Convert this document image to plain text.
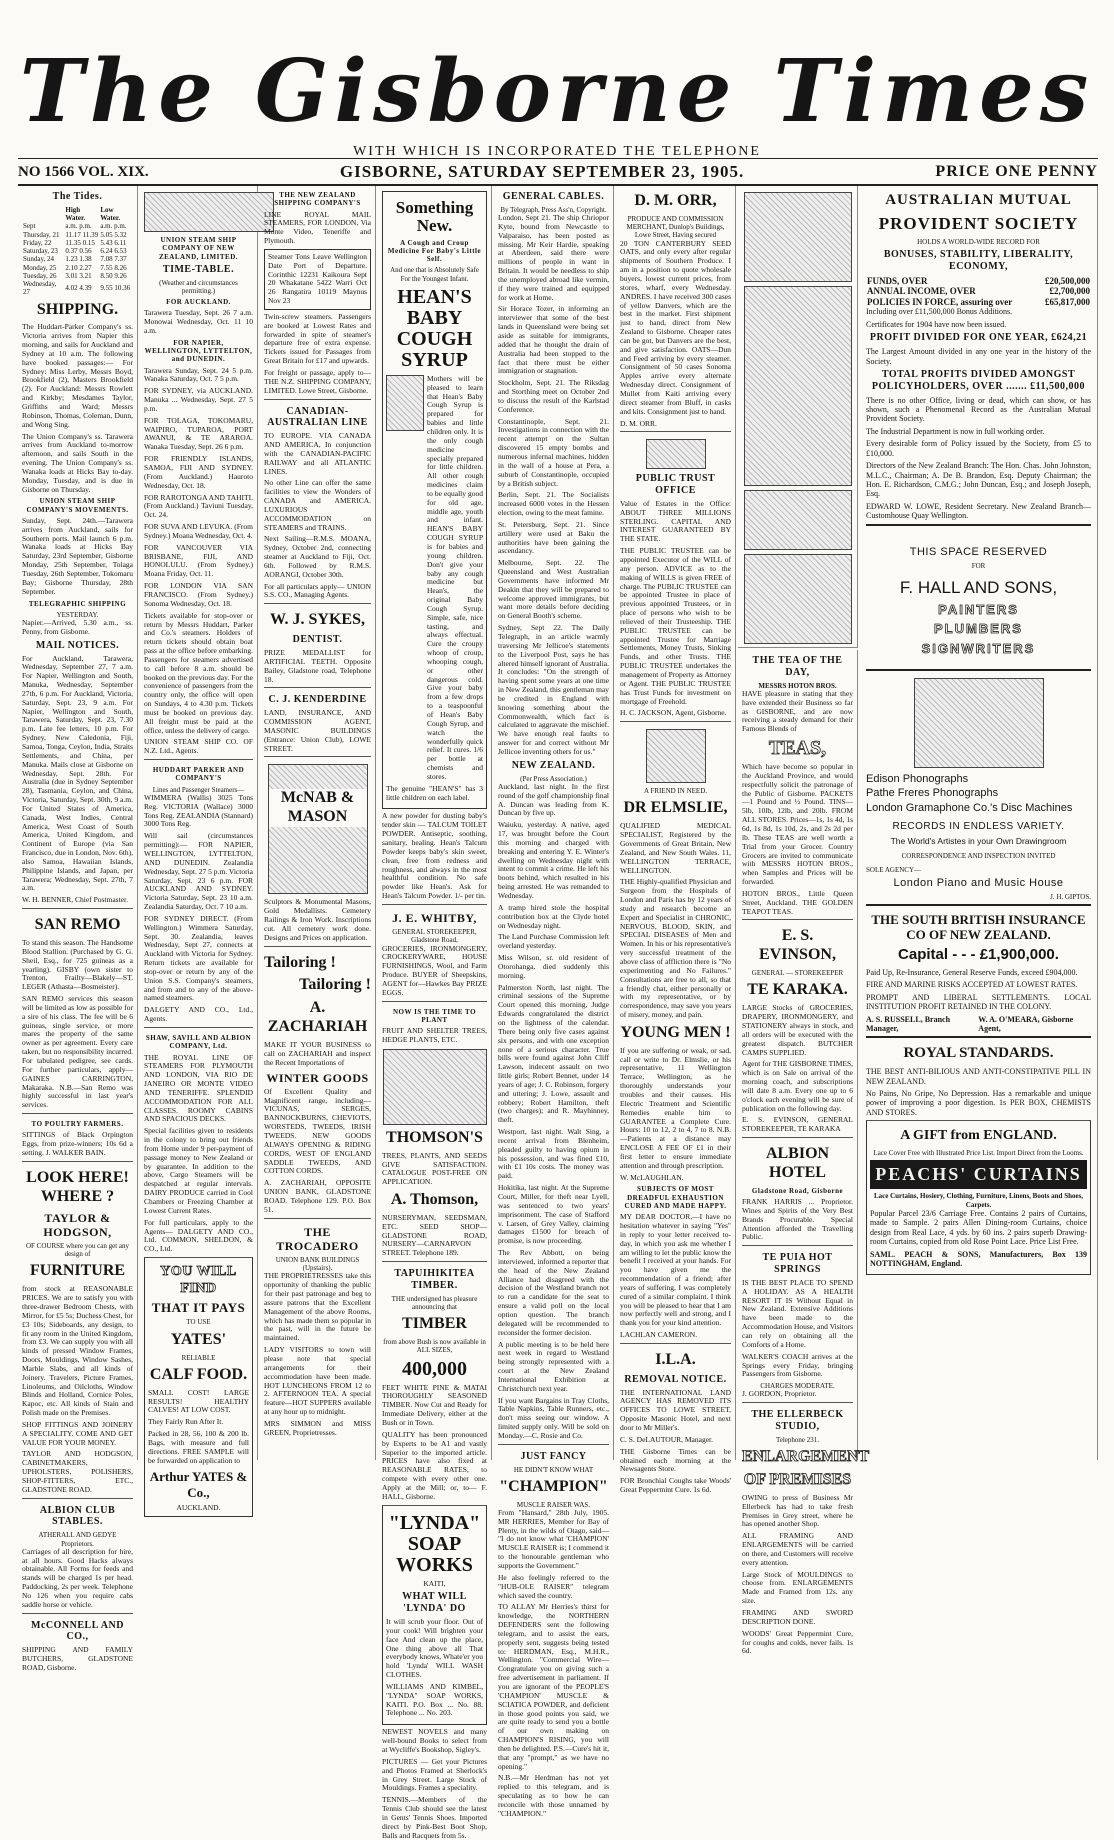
The Gisborne Times
WITH WHICH IS INCORPORATED THE TELEPHONE
NO 1566 VOL. XIX.	GISBORNE, SATURDAY SEPTEMBER 23, 1905.	PRICE ONE PENNY
The Tides.
	High Water.	Low Water.
Sept	a.m. p.m.	a.m. p.m.
Thursday, 21	11.17 11.39	5.05 5.32
Friday, 22	11.35 0.15	5.43 6.11
Saturday, 23	0.37 0.56	6.24 6.53
Sunday, 24	1.23 1.38	7.08 7.37
Monday, 25	2.10 2.27	7.55 8.26
Tuesday, 26	3.01 3.21	8.50 9.26
Wednesday, 27	4.02 4.39	9.55 10.36
SHIPPING.

The Huddart-Parker Company's ss. Victoria arrives from Napier this morning, and sails for Auckland and Sydney at 10 a.m. The following have booked passages:— For Sydney: Miss Lerby, Messrs Boyd, Brookfield (2), Masters Brookfield (2). For Auckland: Messrs Rowlett and Kirkby; Mesdames Taylor, Griffiths and Ward; Messrs Robinson, Thomas, Coleman, Dunn, and Wong Sing.

The Union Company's ss. Tarawera arrives from Auckland to-morrow afternoon, and sails South in the evening. The Union Company's ss. Wanaka loads at Hicks Bay to-day. Monday, Tuesday, and is due in Gisborne on Thursday.

UNION STEAM SHIP COMPANY'S MOVEMENTS.

Sunday, Sept. 24th.—Tarawera arrives from Auckland, sails for Southern ports. Mail launch 6 p.m. Wanaka loads at Hicks Bay Saturday, 23rd September, Gisborne Monday, 25th September, Tolaga Tuesday, 26th September, Tokomaru Bay; Gisborne Thursday, 28th September.

TELEGRAPHIC SHIPPING
YESTERDAY.

Napier.—Arrived, 5.30 a.m., ss. Penny, from Gisborne.

MAIL NOTICES.

For Auckland, Tarawera, Wednesday, September 27, 7 a.m. For Napier, Wellington and South, Manuka, Wednesday, September 27th, 6 p.m. For Auckland, Victoria, Saturday, Sept. 23, 9 a.m. For Napier, Wellington and South, Tarawera, Saturday, Sept. 23, 7.30 p.m. Late fee letters, 10 p.m. For Sydney, New Caledonia, Fiji, Samoa, Tonga, Ceylon, India, Straits Settlements, and China, per Manuka. Mails close at Gisborne on Wednesday, Sept. 28th. For Australia (due in Sydney September 28), Tasmania, Ceylon, and China, Victoria, Saturday, Sept. 30th, 9 a.m. For United States of America, Canada, West Indies, Central America, West Coast of South America, United Kingdom, and Continent of Europe (via San Francisco, due in London, Nov. 6th), also Samoa, Hawaiian Islands, Philippine Islands, and Japan, per Tarawera; Wednesday, Sept. 27th, 7 a.m.

W. H. BENNER, Chief Postmaster.

SAN REMO

To stand this season. The Handsome Blood Stallion. (Purchased by G. G. Sheil, Esq., for 725 guineas as a yearling). GISBY (own sister to Trenton, Frailty—Blakely—ST. LEGER (Athasta—Bosmeister).

SAN REMO services this season will be limited as low as possible for a sire of his class. The fee will be 6 guineas, single service, or more mares the property of the same owner as per agreement. Every care taken, but no responsibility incurred. For tabulated pedigree, see cards. For further particulars, apply— GAINES CARRINGTON, Makaraka. N.B.—San Remo was highly successful in last year's services.

TO POULTRY FARMERS.

SITTINGS of Black Orpington Eggs, from prize-winners; 10s 6d a setting. J. WALKER BAIN.

LOOK HERE! WHERE ?
TAYLOR & HODGSON,
OF COURSE where you can get any design of
FURNITURE

from stock at REASONABLE PRICES. We are to satisfy you with three-drawer Bedroom Chests, with Mirror, for £5 5s; Duchess Chest, for £3 10s; Sideboards, any design, to fit any room in the United Kingdom, from £3. We can supply you with all kinds of pressed Window Frames, Doors, Mouldings, Window Sashes, Marble Slabs, and all kinds of Joinery. Travelers, Picture Frames, Linoleums, and Oilcloths, Window Blinds and Holland, Cornice Poles, Kapoc, etc. All kinds of Stain and Polish made on the Premises.

SHOP FITTINGS AND JOINERY A SPECIALITY. COME AND GET VALUE FOR YOUR MONEY.

TAYLOR AND HODGSON, CABINETMAKERS, UPHOLSTERS, POLISHERS, SHOP-FITTERS, ETC., GLADSTONE ROAD.

ALBION CLUB STABLES.
ATHERALL AND GEDYE Proprietors.

Carriages of all description for hire, at all hours. Good Hacks always obtainable. All Forms for feeds and stands will be charged 1s per head. Paddocking, 2s per week. Telephone No 126 when you require cabs saddle horse or vehicle.

McCONNELL AND CO.,

SHIPPING AND FAMILY BUTCHERS, GLADSTONE ROAD, Gisborne.

UNION STEAM SHIP COMPANY OF NEW ZEALAND, LIMITED.
TIME-TABLE.
(Weather and circumstances permitting.)
FOR AUCKLAND.

Tarawera Tuesday, Sept. 26 7 a.m. Monowai Wednesday, Oct. 11 10 a.m.

FOR NAPIER, WELLINGTON, LYTTELTON, and DUNEDIN.

Tarawera Sunday, Sept. 24 5 p.m. Wanaka Saturday, Oct. 7 5 p.m.

FOR SYDNEY, via AUCKLAND. Manuka ... Wednesday, Sept. 27 5 p.m.

FOR TOLAGA, TOKOMARU, WAIPIRO, TUPAROA, PORT AWANUI, & TE ARAROA. Wanaka Tuesday, Sept. 26 6 p.m.

FOR FRIENDLY ISLANDS, SAMOA, FIJI AND SYDNEY. (From Auckland.) Hauroto Wednesday, Oct. 18.

FOR RAROTONGA AND TAHITI. (From Auckland.) Taviuni Tuesday, Oct. 24.

FOR SUVA AND LEVUKA. (From Sydney.) Moana Wednesday, Oct. 4.

FOR VANCOUVER VIA BRISBANE, FIJI, AND HONOLULU. (From Sydney.) Moana Friday, Oct. 11.

FOR LONDON VIA SAN FRANCISCO. (From Sydney.) Sonoma Wednesday, Oct. 18.

Tickets available for stop-over or return by Messrs Huddart, Parker and Co.'s steamers. Holders of return tickets should obtain boat pass at the office before embarking. Passengers for steamers advertised to call before 8 a.m. should be booked on the previous day. For the convenience of passengers from the country only, the office will open on Sundays, 4 to 4.30 p.m. Tickets must be booked on previous day. All freight must be paid at the office, unless the delivery of cargo.

UNION STEAM SHIP CO. OF N.Z. Ltd., Agents.

HUDDART PARKER AND COMPANY'S
Lines and Passenger Steamers—

WIMMERA (Wallis) 3025 Tons Reg. VICTORIA (Wallace) 3000 Tons Reg. ZEALANDIA (Stannard) 3000 Tons Reg.

Will sail (circumstances permitting):— FOR NAPIER, WELLINGTON, LYTTELTON, AND DUNEDIN. Zealandia Wednesday, Sept. 27 5 p.m. Victoria Saturday, Sept. 23 6 p.m. FOR AUCKLAND AND SYDNEY. Victoria Saturday, Sept. 23 10 a.m. Zealandia Saturday, Oct. 7 10 a.m.

FOR SYDNEY DIRECT. (From Wellington.) Wimmera Saturday, Sept. 30. Zealandia, leaves Wednesday, Sept 27, connects at Auckland with Victoria for Sydney. Return tickets are available for stop-over or return by any of the Union S.S. Company's steamers, and from and to any of the above-named steamers.

DALGETY AND CO., Ltd., Agents.

SHAW, SAVILL AND ALBION COMPANY, Ltd.

THE ROYAL LINE OF STEAMERS FOR PLYMOUTH AND LONDON, VIA RIO DE JANEIRO OR MONTE VIDEO AND TENERIFFE. SPLENDID ACCOMMODATION FOR ALL CLASSES. ROOMY CABINS AND SPACIOUS DECKS.

Special facilities given to residents in the colony to bring out friends from Home under 9 per-payment of passage money to New Zealand or by guarantee. In addition to the above, Cargo Steamers will be despatched at regular intervals. DAIRY PRODUCE carried in Cool Chambers or Freezing Chamber at Lowest Current Rates.

For full particulars, apply to the Agents— DALGETY AND CO., Ltd. COMMON, SHELDON, & CO., Ltd.

YOU WILL FIND
THAT IT PAYS
TO USE
YATES'
RELIABLE
CALF FOOD.

SMALL COST! LARGE RESULTS! HEALTHY CALVES! AT LOW COST.

They Fairly Run After It.

Packed in 28, 56, 100 & 200 lb. Bags, with measure and full directions. FREE SAMPLE will be forwarded on application to

Arthur YATES & Co.,
AUCKLAND.
THE NEW ZEALAND SHIPPING COMPANY'S

LINE ROYAL MAIL STEAMERS, FOR LONDON, Via Monte Video, Teneriffe and Plymouth.

Steamer Tons Leave Wellington Date Port of Departure. Corinthic 12231 Kaikoura Sept 20 Whakatane 5422 Warri Oct 26 Rangatira 10119 Maynus Nov 23

Twin-screw steamers. Passengers are booked at Lowest Rates and forwarded in spite of steamer's departure free of extra expense. Tickets issued for Passages from Great Britain for £17 and upwards.

For freight or passage, apply to— THE N.Z. SHIPPING COMPANY, LIMITED. Lowe Street, Gisborne.

CANADIAN-AUSTRALIAN LINE

TO EUROPE. VIA CANADA AND AMERICA, In conjunction with the CANADIAN-PACIFIC RAILWAY and all ATLANTIC LINES.

No other Line can offer the same facilities to view the Wonders of CANADA and AMERICA. LUXURIOUS ACCOMMODATION on STEAMERS and TRAINS.

Next Sailing—R.M.S. MOANA, Sydney, October 2nd, connecting steamer at Auckland to Fiji, Oct. 6th. Followed by R.M.S. AORANGI, October 30th.

For all particulars apply— UNION S.S. CO., Managing Agents.

W. J. SYKES,
DENTIST.

PRIZE MEDALLIST for ARTIFICIAL TEETH. Opposite Bailey, Gladstone road, Telephone 18.

C. J. KENDERDINE

LAND, INSURANCE, AND COMMISSION AGENT, MASONIC BUILDINGS (Entrance: Union Club), LOWE STREET.

McNAB & MASON

Sculptors & Monumental Masons, Gold Medallists. Cemetery Railings & Iron Work. Inscriptions cut. All cemetery work done. Designs and Prices on application.

Tailoring !
Tailoring !
A. ZACHARIAH

MAKE IT YOUR BUSINESS to call on ZACHARIAH and inspect the Recent Importations of

WINTER GOODS

Of Excellent Quality and Magnificent range, including— VICUNAS, SERGES, BANNOCKBURNS, CHEVIOTS, WORSTEDS, TWEEDS, IRISH TWEEDS. NEW GOODS ALWAYS OPENING & RIDING CORDS, WEST OF ENGLAND SADDLE TWEEDS, AND COTTON CORDS.

A. ZACHARIAH, OPPOSITE UNION BANK, GLADSTONE ROAD. Telephone 129. P.O. Box 51.

THE TROCADERO
UNION BANK BUILDINGS (Upstairs).

THE PROPRIETRESSES take this opportunity of thanking the public for their past patronage and beg to assure patrons that the Excellent Management of the above Rooms, which has made them so popular in the past, will in the future be maintained.

LADY VISITORS to town will please note that special arrangements for their accommodation have been made. HOT LUNCHEONS FROM 12 to 2. AFTERNOON TEA. A special feature—HOT SUPPERS available at any hour up to midnight.

MRS SIMMON and MISS GREEN, Proprietresses.

Something New.
A Cough and Croup Medicine For Baby's Little Self.
And one that is Absolutely Safe For the Youngest Infant.
HEAN'S BABY COUGH SYRUP

Mothers will be pleased to learn that Hean's Baby Cough Syrup is prepared for babies and little children only. It is the only cough medicine specially prepared for little children. All other cough medicines claim to be equally good for old age, middle age, youth and infant. HEAN'S BABY COUGH SYRUP is for babies and young children. Don't give your baby any cough medicine but Hean's, the original Baby Cough Syrup. Simple, safe, nice tasting, and always effectual. Cure the croupy whoop of croup, whooping cough, or other dangerous cold. Give your baby from a few drops to a teaspoonful of Hean's Baby Cough Syrup, and watch the wonderfully quick relief. It cures. 1/6 per bottle at chemists and stores.

The genuine "HEAN'S" has 3 little children on each label.

A new powder for dusting baby's tender skin — TALCUM TOILET POWDER. Antiseptic, soothing, sanitary, healing. Hean's Talcum Powder keeps baby's skin sweet, clean, free from redness and roughness, and always in the most healthful condition. No safe powder like Hean's. Ask for Hean's Talcum Powder. 1/- per tin.

J. E. WHITBY,
GENERAL STOREKEEPER, Gladstone Road,

GROCERIES, IRONMONGERY, CROCKERYWARE, HOUSE FURNISHINGS, Wool, and Farm Produce. BUYER of Sheepskins, AGENT for—Hawkes Bay PRIZE EGGS.

NOW IS THE TIME TO PLANT

FRUIT AND SHELTER TREES, HEDGE PLANTS, ETC.

THOMSON'S

TREES, PLANTS, AND SEEDS GIVE SATISFACTION. CATALOGUE POST-FREE ON APPLICATION.

A. Thomson,

NURSERYMAN, SEEDSMAN, ETC. SEED SHOP—GLADSTONE ROAD, NURSERY—CARNARVON STREET. Telephone 189.

TAPUIHIKITEA TIMBER.
THE undersigned has pleasure announcing that
TIMBER
from above Bush is now available in ALL SIZES,
400,000

FEET WHITE PINE & MATAI THOROUGHLY SEASONED TIMBER. Now Cut and Ready for Immediate Delivery, either at the Bush or in Town.

QUALITY has been pronounced by Experts to be A1 and vastly Superior to the imported article. PRICES have also fixed at REASONABLE RATES, to compete with every other one. Apply at the Mill; or, to— F. HALL, Gisborne.

"LYNDA" SOAP WORKS
KAITI,
WHAT WILL 'LYNDA' DO

It will scrub your floor. Out of your cook! Will brighten your face And clean up the place, One thing above all That everybody knows, Whate'er you hold 'Lynda' WILL WASH CLOTHES.

WILLIAMS AND KIMBEL, "LYNDA" SOAP WORKS, KAITI. P.O. Box ... No. 88. Telephone ... No. 203.

NEWEST NOVELS and many well-bound Books to select from at Wycliffe's Bookshop, Sigley's.

PICTURES — Get your Pictures and Photos Framed at Sherlock's in Grey Street. Large Stock of Mouldings. Frames a speciality.

TENNIS.—Members of the Tennis Club should see the latest in Gents' Tennis Shoes. Imported direct by Pink-Best Boot Shop, Balls and Racquets from 5s.

GENERAL CABLES.
By Telegraph, Press Ass'n, Copyright.

London, Sept 21. The ship Chriopor Kyte, bound from Newcastle to Valparaiso, has been posted as missing. Mr Keir Hardie, speaking at Aberdeen, said there were millions of people in want in Britain. It would be needless to ship the unemployed abroad like vermin, if they were trained and equipped for work at Home.

Sir Horace Tozer, in informing an interviewer that some of the best lands in Queensland were being set aside as suitable for immigrants, added that he thought the drain of Australia had been stopped to the fact that there must be either immigration or stagnation.

Stockholm, Sept. 21. The Riksdag and Storthing meet on October 2nd to discuss the result of the Karlstad Conference.

Constantinople, Sept. 21. Investigations in connection with the recent attempt on the Sultan discovered 15 empty bombs and numerous infernal machines, hidden in the wall of a house at Pera, a suburb of Constantinople, occupied by a British subject.

Berlin, Sept. 21. The Socialists increased 6000 votes in the Hessen election, owing to the meat famine.

St. Petersburg, Sept. 21. Since artillery were used at Baku the authorities have been gaining the ascendancy.

Melbourne, Sept. 22. The Queensland and West Australian Governments have informed Mr Deakin that they will be prepared to welcome approved immigrants, but want more details before deciding on General Booth's scheme.

Sydney, Sept 22. The Daily Telegraph, in an article warmly traversing Mr Jellicoe's statements to the Liverpool Post, says he has altered himself ignorant of Australia. It concludes: "On the strength of having spent some years at one time in New Zealand, this gentleman may be credited in England with knowing something about the Commonwealth, which fact is calculated to aggravate the mischief. We have enough real faults to answer for and correct without Mr Jellicoe inventing others for us."

NEW ZEALAND.
(Per Press Association.)

Auckland, last night. In the first round of the golf championship final A. Duncan was leading from K. Duncan by five up.

Waiuku, yesterday. A native, aged 17, was brought before the Court this morning and charged with breaking and entering Y. E. Winter's dwelling on Wednesday night with intent to commit a crime. He left his boots behind, which resulted in his being arrested. He was remanded to Wednesday.

A tramp hired stole the hospital contribution box at the Clyde hotel on Wednesday night.

The Land Purchase Commission left overland yesterday.

Miss Wilson, sr. old resident of Otorohanga, died suddenly this morning.

Palmerston North, last night. The criminal sessions of the Supreme Court opened this morning, Judge Edwards congratulated the district on the lightness of the calendar. There being only five cases against six persons, and with one exception none of a serious character. True bills were found against John Cliff Lawson, indecent assault on two little girls; Robert Bennet, under 14 years of age; J. C. Robinson, forgery and uttering; J. Lowe, assault and robbery; Robert Hamilton, theft (two charges); and R. Mayhinney, theft.

Westport, last night. Walt Sing, a recent arrival from Blenheim, pleaded guilty to having opium in his possession, and was fined £10, with £1 10s costs. The money was paid.

Hokitika, last night. At the Supreme Court, Miller, for theft near Lyell, was sentenced to two years' imprisonment. The case of Stafford v. Larsen, of Grey Valley, claiming damages £1500 for breach of promise, is now proceeding.

The Rev Abbott, on being interviewed, informed a reporter that the head of the New Zealand Alliance had disagreed with the decision of the Westland branch not to run a candidate for the seat to ensure a valid poll on the local option question. The branch delegated will be recommended to reconsider the former decision.

A public meeting is to be held here next week in regard to Westland being strongly represented with a court at the New Zealand International Exhibition at Christchurch next year.

If you want Bargains in Tray Cloths, Table Napkins, Table Runners, etc., don't miss seeing our window. A limited supply only. Will be sold on Monday.—C. Rosie and Co.

JUST FANCY
HE DIDN'T KNOW WHAT
"CHAMPION"
MUSCLE RAISER WAS.

From "Hansard," 28th July, 1905. MR HERRIES, Member for Bay of Plenty, in the wilds of Otago, said— "I do not know what 'CHAMPION' MUSCLE RAISER is; I commend it to the honourable gentleman who supports the Government."

He also feelingly referred to the "HUB-OLE RAISER" telegram which saved the country.

TO ALLAY Mr Herries's thirst for knowledge, the NORTHERN DEFENDERS sent the following telegram, and to assist the ears, properly sent, suggests being tested to: HERDMAN, Esq., M.H.R., Wellington. "Commercial Wire—Congratulate you on giving such a free advertisement in parliament. If you are ignorant of the PEOPLE'S 'CHAMPION' MUSCLE & SCIATICA POWDER, and deficient in those good points you said, we are quite ready to send you a bottle of our own making on CHAMPION'S RISING, you will then be delighted. P.S.—Cure's hit it, that any "prompt," as we have no opening."

N.B.—Mr Herdman has not yet replied to this telegram, and is speculating as to how he can reconcile with those unnamed by "CHAMPION."

D. M. ORR,
PRODUCE AND COMMISSION MERCHANT, Dunlop's Buildings, Lowe Street, Having secured

20 TON CANTERBURY SEED OATS, and only every after regular shipments of Southern Produce. I am in a position to quote wholesale buyers, lowest current prices, from stores, wharf, every Wednesday. ANDRES. I have received 300 cases of yellow Danvers, which are the best in the market. First shipment just to hand, direct from New Zealand to Gisborne. Cheaper rates can be got, but Danvers are the best, and give satisfaction. OATS—Dun and Feed arriving by every steamer. Consignment of 50 cases Sonoma Apples arrive every alternate Wednesday direct. Consignment of Mullet from Kaiti arriving every direct steamer from Bluff, in casks and kits. Consignment just to hand.

D. M. ORR.

PUBLIC TRUST OFFICE

Value of Estates in the Office: ABOUT THREE MILLIONS STERLING. CAPITAL AND INTEREST GUARANTEED BY THE STATE.

THE PUBLIC TRUSTEE can be appointed Executor of the WILL of any person. ADVICE as to the making of WILLS is given FREE of charge. The PUBLIC TRUSTEE can be appointed Trustee in place of previous appointed Trustees, or in place of persons who wish to be relieved of their Trusteeship. THE PUBLIC TRUSTEE can be appointed Trustee for Marriage Settlements, Money Trusts, Sinking Funds, and other Trusts. THE PUBLIC TRUSTEE undertakes the management of Property as Attorney or Agent. THE PUBLIC TRUSTEE has Trust Funds for investment on mortgage of Freehold.

H. C. JACKSON, Agent, Gisborne.

A FRIEND IN NEED.
DR ELMSLIE,

QUALIFIED MEDICAL SPECIALIST, Registered by the Governments of Great Britain, New Zealand, and New South Wales. 11, WELLINGTON TERRACE, WELLINGTON.

THE Highly-qualified Physician and Surgeon from the Hospitals of London and Paris has by 12 years of study and research become an Expert and Specialist in CHRONIC, NERVOUS, BLOOD, SKIN, and SPECIAL DISEASES of Men and Women. In his or his representative's very successful treatment of the above class of affliction there is "No experimenting and No Failures." Consultations are free to all, so that a friendly chat, either personally or with my representative, or by correspondence, may save you years of misery, money, and pain.

YOUNG MEN !

If you are suffering or weak, or sad, call or write to Dr. Elmslie, or his representative, 11 Wellington Terrace, Wellington, as he thoroughly understands your troubles and their causes. His Electric Treatment and Scientific Remedies enable him to GUARANTEE a Complete Cure. Hours: 10 to 12, 2 to 4, 7 to 8. N.B.—Patients at a distance may ENCLOSE A FEE OF £1 in their first letter to ensure immediate attention and through prescription.

W. McLAUGHLAN.

SUBJECTS OF MOST DREADFUL EXHAUSTION CURED AND MADE HAPPY.

MY DEAR DOCTOR,—I have no hesitation whatever in saying "Yes" in reply to your letter received to-day, in which you ask me whether I am willing to let the public know the benefit I received at your hands. For you have given me the recommendation of a friend; after years of suffering, I was completely cured of a similar complaint. I think you will be pleased to hear that I am now perfectly well and strong, and I thank you for your kind attention.

LACHLAN CAMERON.

I.L.A.
REMOVAL NOTICE.

THE INTERNATIONAL LAND AGENCY HAS REMOVED ITS OFFICES TO LOWE STREET, Opposite Masonic Hotel, and next door to Mr Miller's.

C. S. DeLAUTOUR, Manager.

THE Gisborne Times can be obtained each morning at the Newsagents Store.

FOR Bronchial Coughs take Woods' Great Peppermint Cure. 1s 6d.

THE TEA OF THE DAY,
MESSRS HOTON BROS.

HAVE pleasure in stating that they have extended their Business so far as GISBORNE, and are now receiving a steady demand for their Famous Blends of

TEAS,

Which have become so popular in the Auckland Province, and would respectfully solicit the patronage of the Public of Gisborne. PACKETS—1 Pound and ½ Pound. TINS—5lb, 10lb, 12lb, and 20lb. FROM ALL STORES. Prices—1s, 1s 4d, 1s 6d, 1s 8d, 1s 10d, 2s, and 2s 2d per lb. These TEAS are well worth a Trial from your Grocer. Country Grocers are invited to communicate with MESSRS HOTON BROS., when Samples and Prices will be forwarded.

HOTON BROS., Little Queen Street, Auckland. THE GOLDEN TEAPOT TEAS.

E. S. EVINSON,
GENERAL — STOREKEEPER
TE KARAKA.

LARGE Stocks of GROCERIES, DRAPERY, IRONMONGERY, and STATIONERY always in stock, and all orders will be executed with the greatest dispatch. BUTCHER CAMPS SUPPLIED.

Agent for THE GISBORNE TIMES, which is on Sale on arrival of the morning coach, and subscriptions will date 8 a.m. Every one up to 6 o'clock each evening will be sure of publication on the following day.

E. S. EVINSON, GENERAL STOREKEEPER, TE KARAKA

ALBION HOTEL
Gladstone Road, Gisborne

FRANK HARRIS ... Proprietor. Wines and Spirits of the Very Best Brands Procurable. Special Attention afforded the Travelling Public.

TE PUIA HOT SPRINGS

IS THE BEST PLACE TO SPEND A HOLIDAY. AS A HEALTH RESORT IT IS Without Equal in New Zealand. Extensive Additions have been made to the Accommodation House, and Visitors can rely on obtaining all the Comforts of a Home.

WALKER'S COACH arrives at the Springs every Friday, bringing Passengers from Gisborne.

CHARGES MODERATE.

J. GORDON, Proprietor.

THE ELLERBECK STUDIO,
Telephone 231.
ENLARGEMENT
OF PREMISES

OWING to press of Business Mr Ellerbeck has had to take fresh Premises in Grey street, where he has opened another Shop.

ALL FRAMING AND ENLARGEMENTS will be carried on there, and Customers will receive every attention.

Large Stock of MOULDINGS to choose from. ENLARGEMENTS Made and Framed from 12s. any size.

FRAMING AND SWORD DESCRIPTION DONE.

WOODS' Great Peppermint Cure, for coughs and colds, never fails. 1s 6d.

AUSTRALIAN MUTUAL
PROVIDENT SOCIETY
HOLDS A WORLD-WIDE RECORD FOR
BONUSES, STABILITY, LIBERALITY, ECONOMY,
FUNDS, OVER	£20,500,000
ANNUAL INCOME, OVER	£2,700,000
POLICIES IN FORCE, assuring over	£65,817,000

Including over £11,500,000 Bonus Additions.

Certificates for 1904 have now been issued.

PROFIT DIVIDED FOR ONE YEAR, £624,21

The Largest Amount divided in any one year in the history of the Society.

TOTAL PROFITS DIVIDED AMONGST POLICYHOLDERS, OVER ....... £11,500,000

There is no other Office, living or dead, which can show, or has shown, such a Phenomenal Record as the Australian Mutual Provident Society.

The Industrial Department is now in full working order.

Every desirable form of Policy issued by the Society, from £5 to £10,000.

Directors of the New Zealand Branch: The Hon. Chas. John Johnston, M.L.C., Chairman; A. De B. Brandon, Esq. Deputy Chairman; the Hon. E. Richardson, C.M.G.; John Duncan, Esq.; and Joseph Joseph, Esq.

EDWARD W. LOWE, Resident Secretary. New Zealand Branch—Customhouse Quay Wellington.

THIS SPACE RESERVED
FOR
F. HALL AND SONS,
PAINTERS
PLUMBERS
SIGNWRITERS
Edison Phonographs
Pathe Freres Phonographs
London Gramaphone Co.'s Disc Machines
RECORDS IN ENDLESS VARIETY.
The World's Artistes in your Own Drawingroom
CORRESPONDENCE AND INSPECTION INVITED
SOLE AGENCY—
London Piano and Music House
J. H. GIPTOS.
THE SOUTH BRITISH INSURANCE CO OF NEW ZEALAND.
Capital - - - £1,900,000.

Paid Up, Re-Insurance, General Reserve Funds, exceed £904,000.

FIRE AND MARINE RISKS ACCEPTED AT LOWEST RATES.

PROMPT AND LIBERAL SETTLEMENTS. LOCAL INSTITUTION PROFIT RETAINED IN THE COLONY.

A. S. RUSSELL, Branch Manager,
W. A. O'MEARA, Gisborne Agent,
ROYAL STANDARDS.

THE BEST ANTI-BILIOUS AND ANTI-CONSTIPATIVE PILL IN NEW ZEALAND.

No Pains, No Gripe, No Depression. Has a remarkable and unique power of improving a poor digestion. 1s PER BOX, CHEMISTS AND STORES.

A GIFT from ENGLAND.
Lace Cover Free with Illustrated Price List. Import Direct from the Looms.
PEACHS' CURTAINS
Lace Curtains, Hosiery, Clothing, Furniture, Linens, Boots and Shoes, Carpets.

Popular Parcel 23/6 Carriage Free. Contains 2 pairs of Curtains, made to Sample. 2 pairs Allen Dining-room Curtains, choice design from Real Lace, 4 yds. by 60 ins. 2 pairs superb Drawing-room Curtains, copied from old Rose Point Lace. Price List Free.

SAML. PEACH & SONS, Manufacturers, Box 139 NOTTINGHAM, England.
